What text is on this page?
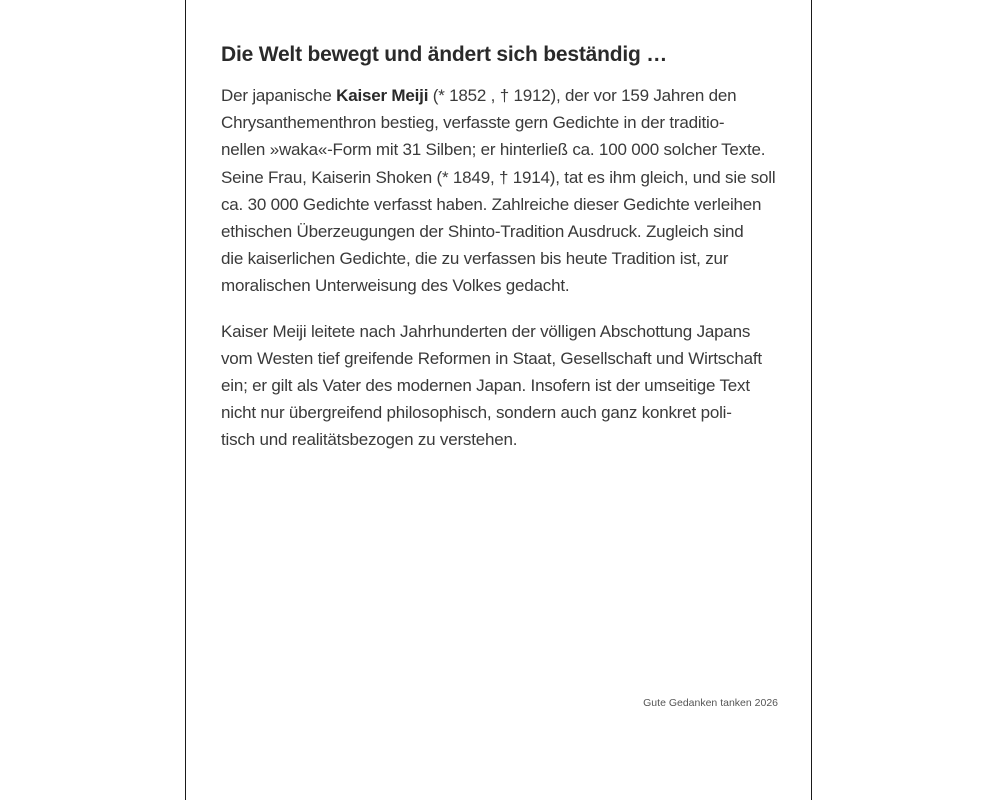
Die Welt bewegt und ändert sich beständig …

Der japanische Kaiser Meiji (* 1852 , † 1912), der vor 159 Jahren den
Chrysanthementhron bestieg, verfasste gern Gedichte in der traditio-
nellen »waka«-Form mit 31 Silben; er hinterließ ca. 100 000 solcher Texte.
Seine Frau, Kaiserin Shoken (* 1849, † 1914), tat es ihm gleich, und sie soll
ca. 30 000 Gedichte verfasst haben. Zahlreiche dieser Gedichte verleihen
ethischen Überzeugungen der Shinto-Tradition Ausdruck. Zugleich sind
die kaiserlichen Gedichte, die zu verfassen bis heute Tradition ist, zur
moralischen Unterweisung des Volkes gedacht.

Kaiser Meiji leitete nach Jahrhunderten der völligen Abschottung Japans
vom Westen tief greifende Reformen in Staat, Gesellschaft und Wirtschaft
ein; er gilt als Vater des modernen Japan. Insofern ist der umseitige Text
nicht nur übergreifend philosophisch, sondern auch ganz konkret poli-
tisch und realitätsbezogen zu verstehen.

Gute Gedanken tanken 2026
